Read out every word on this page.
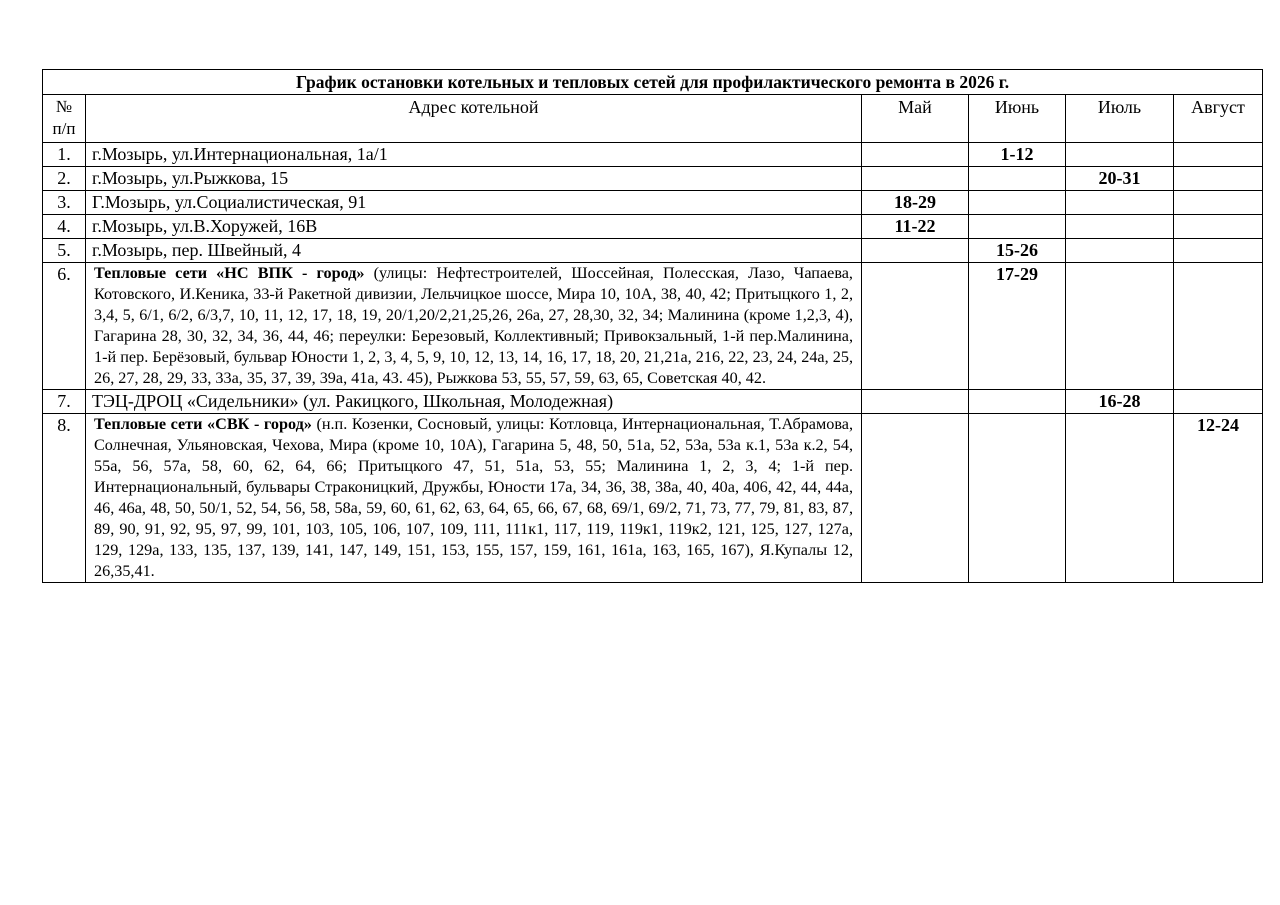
График остановки котельных и тепловых сетей для профилактического ремонта в 2026 г.					

№
п/п	Адрес котельной	Май	Июнь	Июль	Август
1.	г.Мозырь, ул.Интернациональная, 1а/1		1-12		
2.	г.Мозырь, ул.Рыжкова, 15			20-31	
3.	Г.Мозырь, ул.Социалистическая, 91	18-29			
4.	г.Мозырь, ул.В.Хоружей, 16В	11-22			
5.	г.Мозырь, пер. Швейный, 4		15-26		
6.	Тепловые сети «НС ВПК - город» (улицы: Нефтестроителей, Шоссейная, Полесская, Лазо, Чапаева, Котовского, И.Кеника, 33-й Ракетной дивизии, Лельчицкое шоссе, Мира 10, 10А, 38, 40, 42; Притыцкого 1, 2, 3,4, 5, 6/1, 6/2, 6/3,7, 10, 11, 12, 17, 18, 19, 20/1,20/2,21,25,26, 26а, 27, 28,30, 32, 34; Малинина (кроме 1,2,3, 4), Гагарина 28, 30, 32, 34, 36, 44, 46; переулки: Березовый, Коллективный; Привокзальный, 1-й пер.Малинина, 1-й пер. Берёзовый, бульвар Юности 1, 2, 3, 4, 5, 9, 10, 12, 13, 14, 16, 17, 18, 20, 21,21а, 216, 22, 23, 24, 24а, 25, 26, 27, 28, 29, 33, 33а, 35, 37, 39, 39а, 41а, 43. 45), Рыжкова 53, 55, 57, 59, 63, 65, Советская 40, 42.		17-29		
7.	ТЭЦ-ДРОЦ «Сидельники» (ул. Ракицкого, Школьная, Молодежная)			16-28	
8.	Тепловые сети «СВК - город» (н.п. Козенки, Сосновый, улицы: Котловца, Интернациональная, Т.Абрамова, Солнечная, Ульяновская, Чехова, Мира (кроме 10, 10А), Гагарина 5, 48, 50, 51а, 52, 53а, 53а к.1, 53а к.2, 54, 55а, 56, 57а, 58, 60, 62, 64, 66; Притыцкого 47, 51, 51а, 53, 55; Малинина 1, 2, 3, 4; 1-й пер. Интернациональный, бульвары Страконицкий, Дружбы, Юности 17а, 34, 36, 38, 38а, 40, 40а, 406, 42, 44, 44а, 46, 46а, 48, 50, 50/1, 52, 54, 56, 58, 58а, 59, 60, 61, 62, 63, 64, 65, 66, 67, 68, 69/1, 69/2, 71, 73, 77, 79, 81, 83, 87, 89, 90, 91, 92, 95, 97, 99, 101, 103, 105, 106, 107, 109, 111, 111к1, 117, 119, 119к1, 119к2, 121, 125, 127, 127а, 129, 129а, 133, 135, 137, 139, 141, 147, 149, 151, 153, 155, 157, 159, 161, 161а, 163, 165, 167), Я.Купалы 12, 26,35,41.				12-24
